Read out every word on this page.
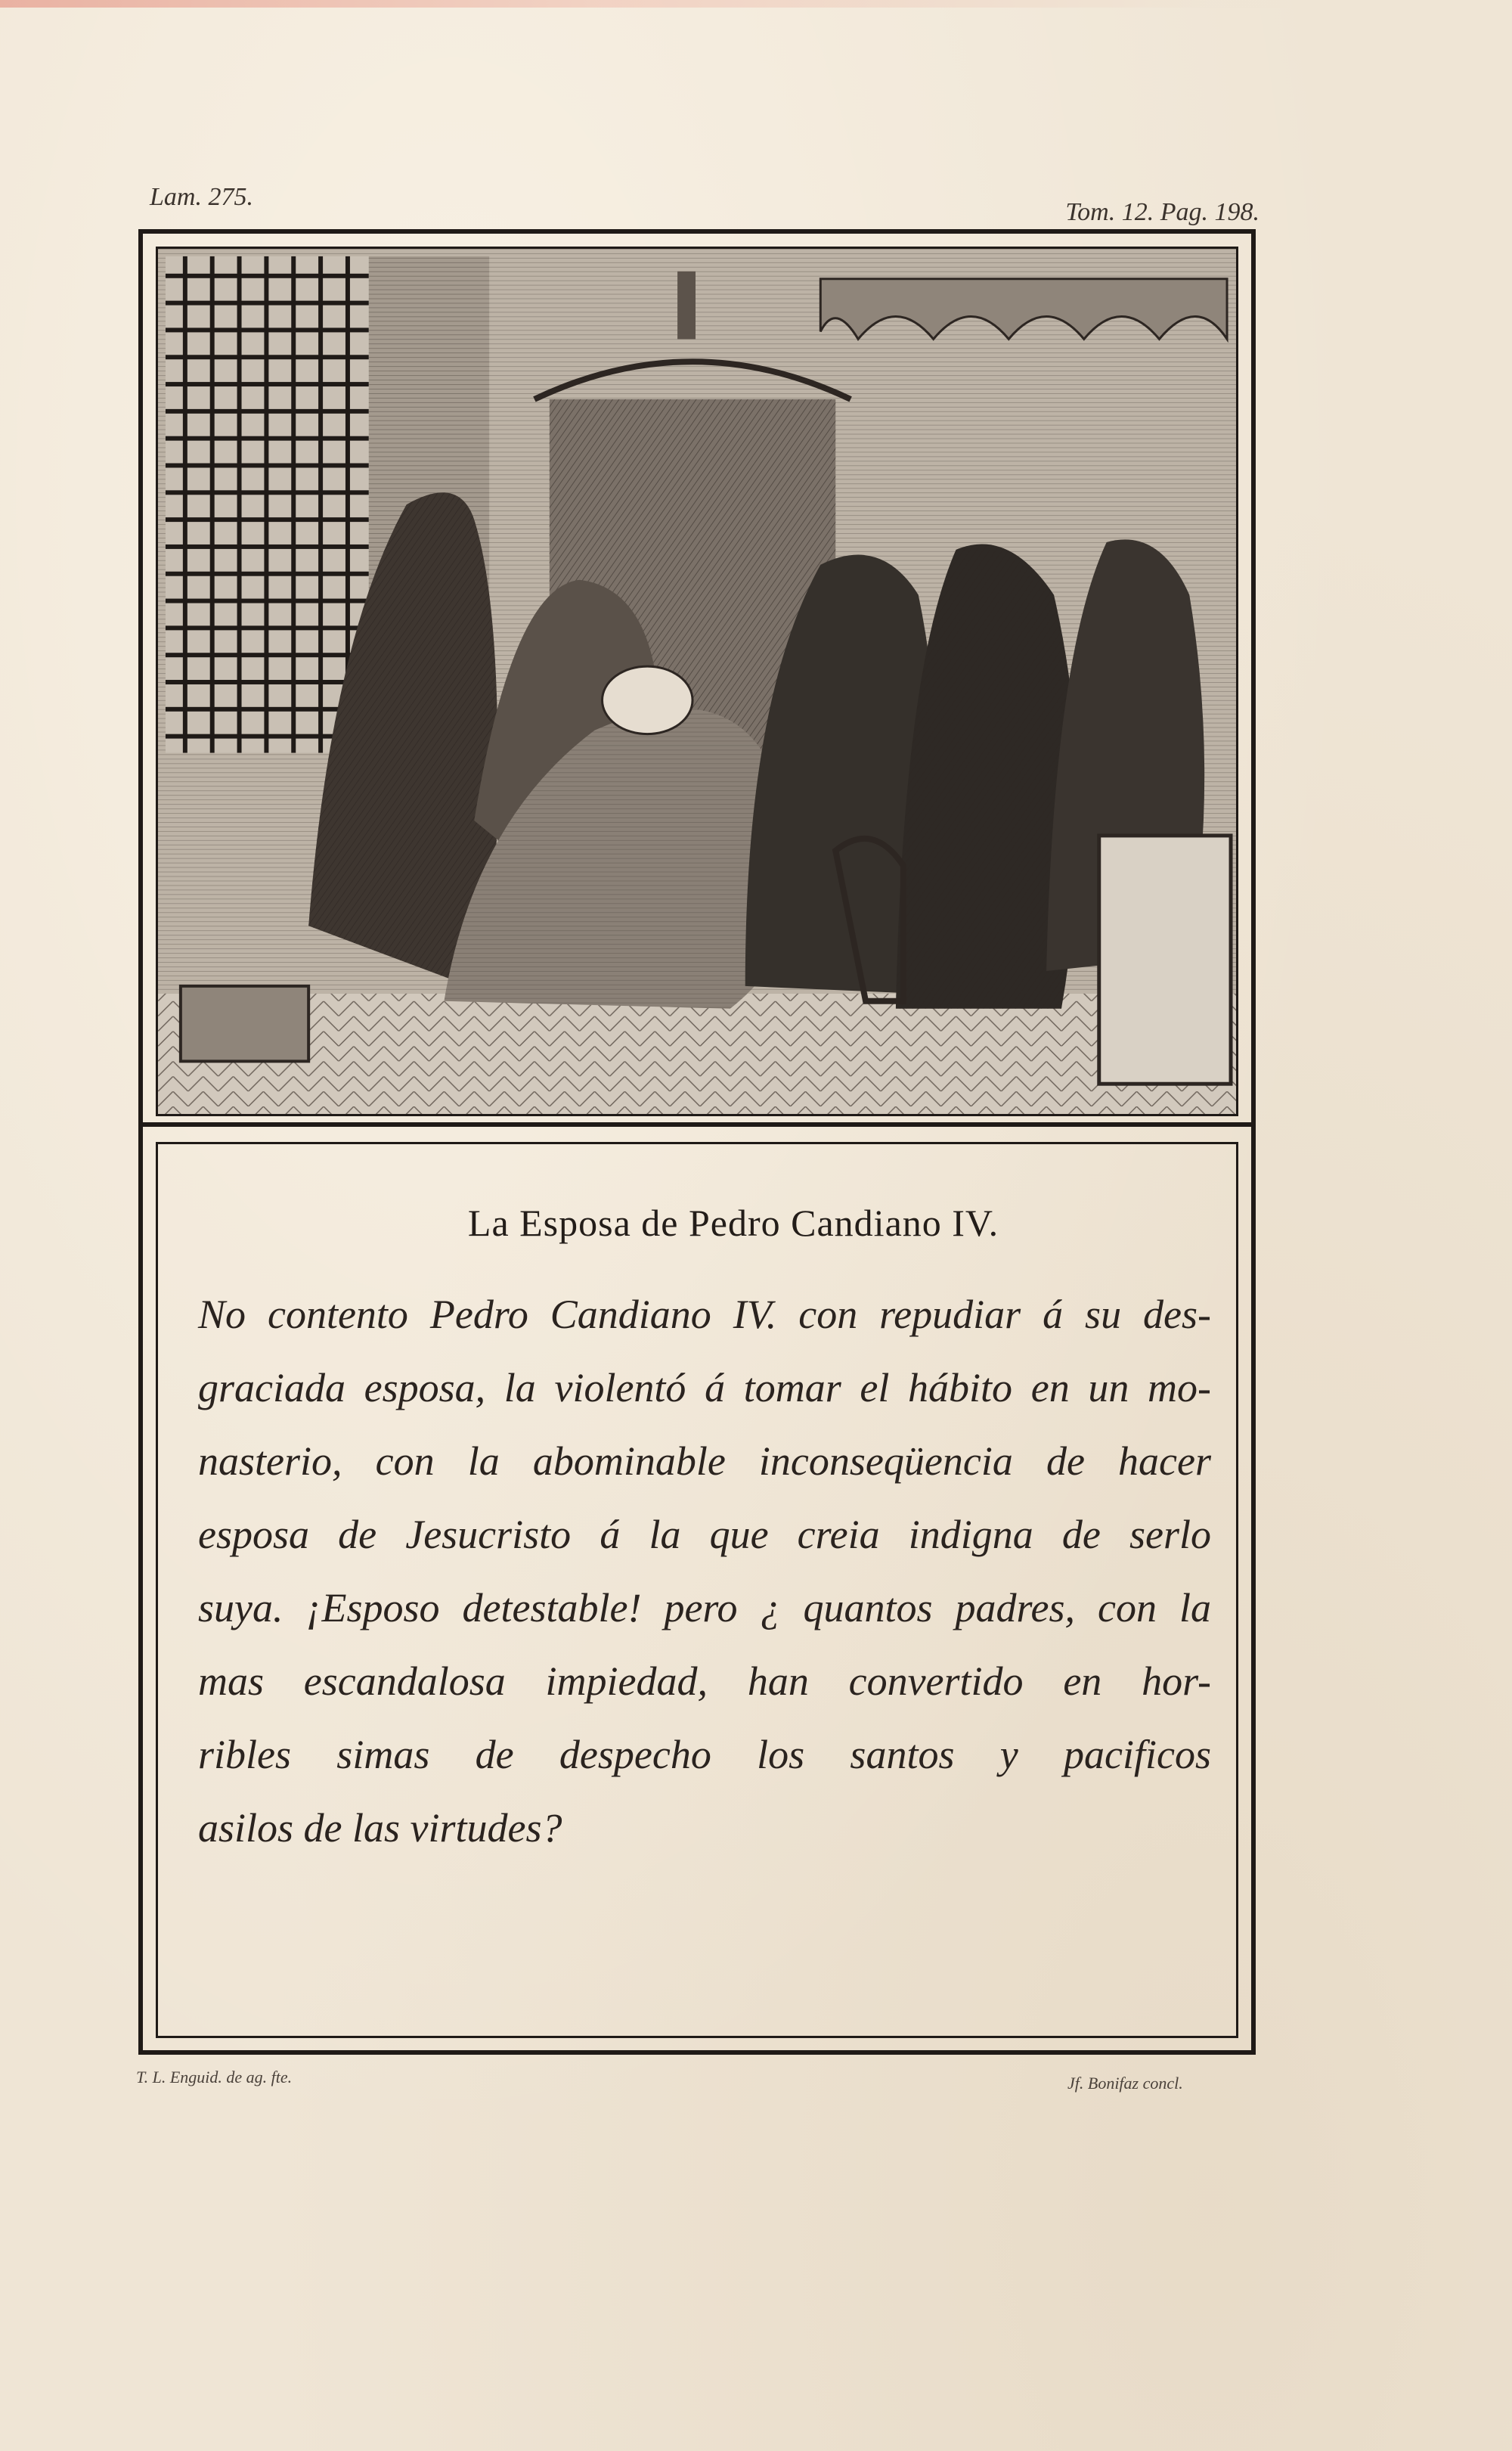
Lam. 275.
Tom. 12. Pag. 198.
La Esposa de Pedro Candiano IV.
No contento Pedro Candiano IV. con repudiar á su des-
graciada esposa, la violentó á tomar el hábito en un mo-
nasterio, con la abominable inconseqüencia de hacer
esposa de Jesucristo á la que creia indigna de serlo
suya. ¡Esposo detestable! pero ¿ quantos padres, con la
mas escandalosa impiedad, han convertido en hor-
ribles simas de despecho los santos y pacificos
asilos de las virtudes?
T. L. Enguid. de ag. fte.	Jf. Bonifaz concl.
